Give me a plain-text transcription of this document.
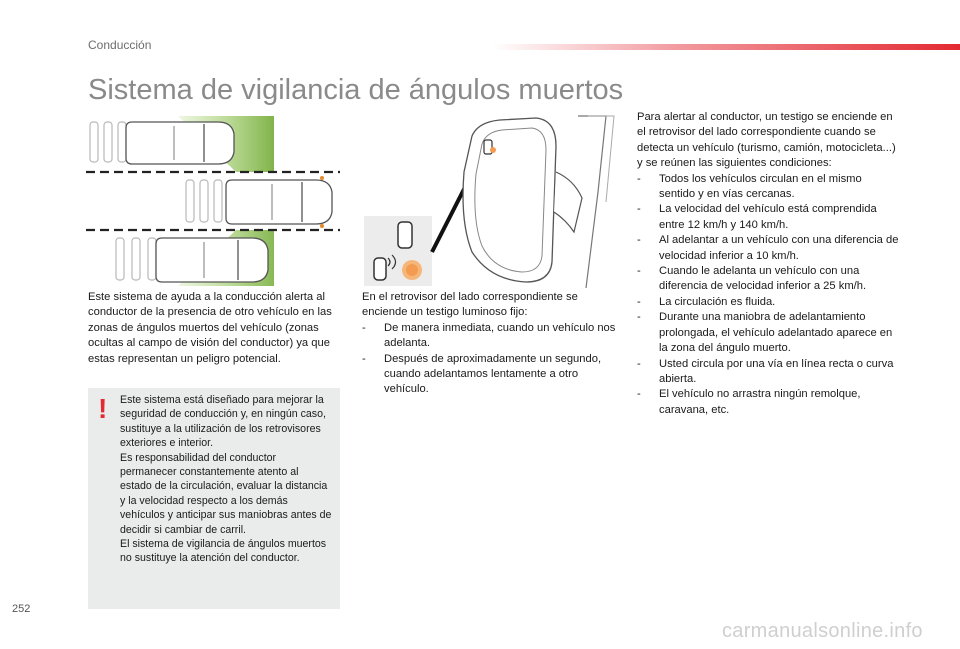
Conducción
Sistema de vigilancia de ángulos muertos

Este sistema de ayuda a la conducción alerta al conductor de la presencia de otro vehículo en las zonas de ángulos muertos del vehículo (zonas ocultas al campo de visión del conductor) ya que estas representan un peligro potencial.

! Este sistema está diseñado para mejorar la seguridad de conducción y, en ningún caso, sustituye a la utilización de los retrovisores exteriores e interior.

Es responsabilidad del conductor permanecer constantemente atento al estado de la circulación, evaluar la distancia y la velocidad respecto a los demás vehículos y anticipar sus maniobras antes de decidir si cambiar de carril.

El sistema de vigilancia de ángulos muertos no sustituye la atención del conductor.

En el retrovisor del lado correspondiente se enciende un testigo luminoso fijo:

- De manera inmediata, cuando un vehículo nos adelanta.
- Después de aproximadamente un segundo, cuando adelantamos lentamente a otro vehículo.

Para alertar al conductor, un testigo se enciende en el retrovisor del lado correspondiente cuando se detecta un vehículo (turismo, camión, motocicleta...) y se reúnen las siguientes condiciones:

- Todos los vehículos circulan en el mismo sentido y en vías cercanas.
- La velocidad del vehículo está comprendida entre 12 km/h y 140 km/h.
- Al adelantar a un vehículo con una diferencia de velocidad inferior a 10 km/h.
- Cuando le adelanta un vehículo con una diferencia de velocidad inferior a 25 km/h.
- La circulación es fluida.
- Durante una maniobra de adelantamiento prolongada, el vehículo adelantado aparece en la zona del ángulo muerto.
- Usted circula por una vía en línea recta o curva abierta.
- El vehículo no arrastra ningún remolque, caravana, etc.
252
carmanualsonline.info
